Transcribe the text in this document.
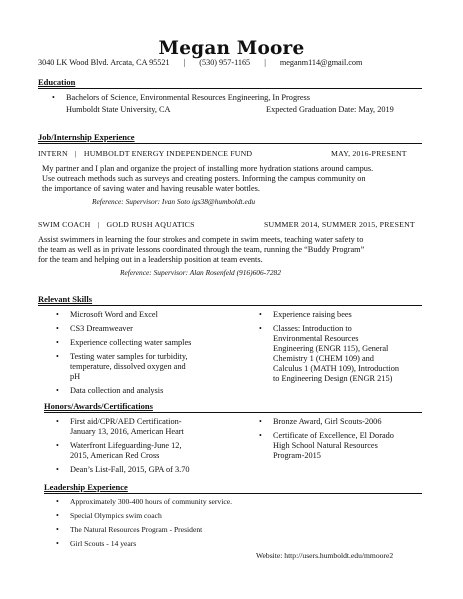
Megan Moore
3040 LK Wood Blvd. Arcata, CA 95521 | (530) 957-1165 | meganm114@gmail.com
Education
• Bachelors of Science, Environmental Resources Engineering, In Progress
Humboldt State University, CA	Expected Graduation Date: May, 2019
Job/Internship Experience
INTERN | HUMBOLDT ENERGY INDEPENDENCE FUND	MAY, 2016-PRESENT
My partner and I plan and organize the project of installing more hydration stations around campus.
Use outreach methods such as surveys and creating posters. Informing the campus community on
the importance of saving water and having reusable water bottles.
Reference: Supervisor: Ivan Soto igs38@humboldt.edu
SWIM COACH | GOLD RUSH AQUATICS	SUMMER 2014, SUMMER 2015, PRESENT
Assist swimmers in learning the four strokes and compete in swim meets, teaching water safety to
the team as well as in private lessons coordinated through the team, running the “Buddy Program”
for the team and helping out in a leadership position at team events.
Reference: Supervisor: Alan Rosenfeld (916)606-7282
Relevant Skills
• Microsoft Word and Excel
• CS3 Dreamweaver
• Experience collecting water samples
• Testing water samples for turbidity,
temperature, dissolved oxygen and
pH
• Data collection and analysis
• Experience raising bees
• Classes: Introduction to
Environmental Resources
Engineering (ENGR 115), General
Chemistry 1 (CHEM 109) and
Calculus 1 (MATH 109), Introduction
to Engineering Design (ENGR 215)
Honors/Awards/Certifications
• First aid/CPR/AED Certification-
January 13, 2016, American Heart
• Waterfront Lifeguarding-June 12,
2015, American Red Cross
• Dean’s List-Fall, 2015, GPA of 3.70
• Bronze Award, Girl Scouts-2006
• Certificate of Excellence, El Dorado
High School Natural Resources
Program-2015
Leadership Experience
• Approximately 300-400 hours of community service.
• Special Olympics swim coach
• The Natural Resources Program - President
• Girl Scouts - 14 years
Website: http://users.humboldt.edu/mmoore2
